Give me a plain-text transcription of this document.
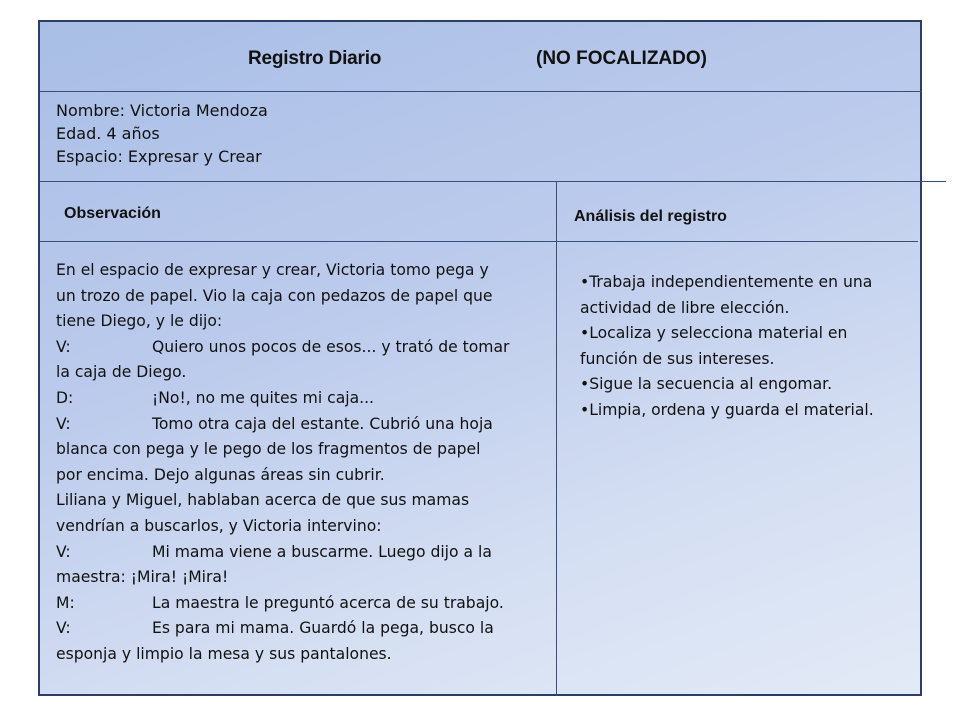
Registro Diario	(NO FOCALIZADO)
Nombre: Victoria Mendoza
Edad. 4 años
Espacio: Expresar y Crear
Observación	Análisis del registro
En el espacio de expresar y crear, Victoria tomo pega y
un trozo de papel. Vio la caja con pedazos de papel que
tiene Diego, y le dijo:
V:	Quiero unos pocos de esos... y trató de tomar
la caja de Diego.
D:	¡No!, no me quites mi caja...
V:	Tomo otra caja del estante. Cubrió una hoja
blanca con pega y le pego de los fragmentos de papel
por encima. Dejo algunas áreas sin cubrir.
Liliana y Miguel, hablaban acerca de que sus mamas
vendrían a buscarlos, y Victoria intervino:
V:	Mi mama viene a buscarme. Luego dijo a la
maestra: ¡Mira! ¡Mira!
M:	La maestra le preguntó acerca de su trabajo.
V:	Es para mi mama. Guardó la pega, busco la
esponja y limpio la mesa y sus pantalones.
•Trabaja independientemente en una
actividad de libre elección.
•Localiza y selecciona material en
función de sus intereses.
•Sigue la secuencia al engomar.
•Limpia, ordena y guarda el material.
